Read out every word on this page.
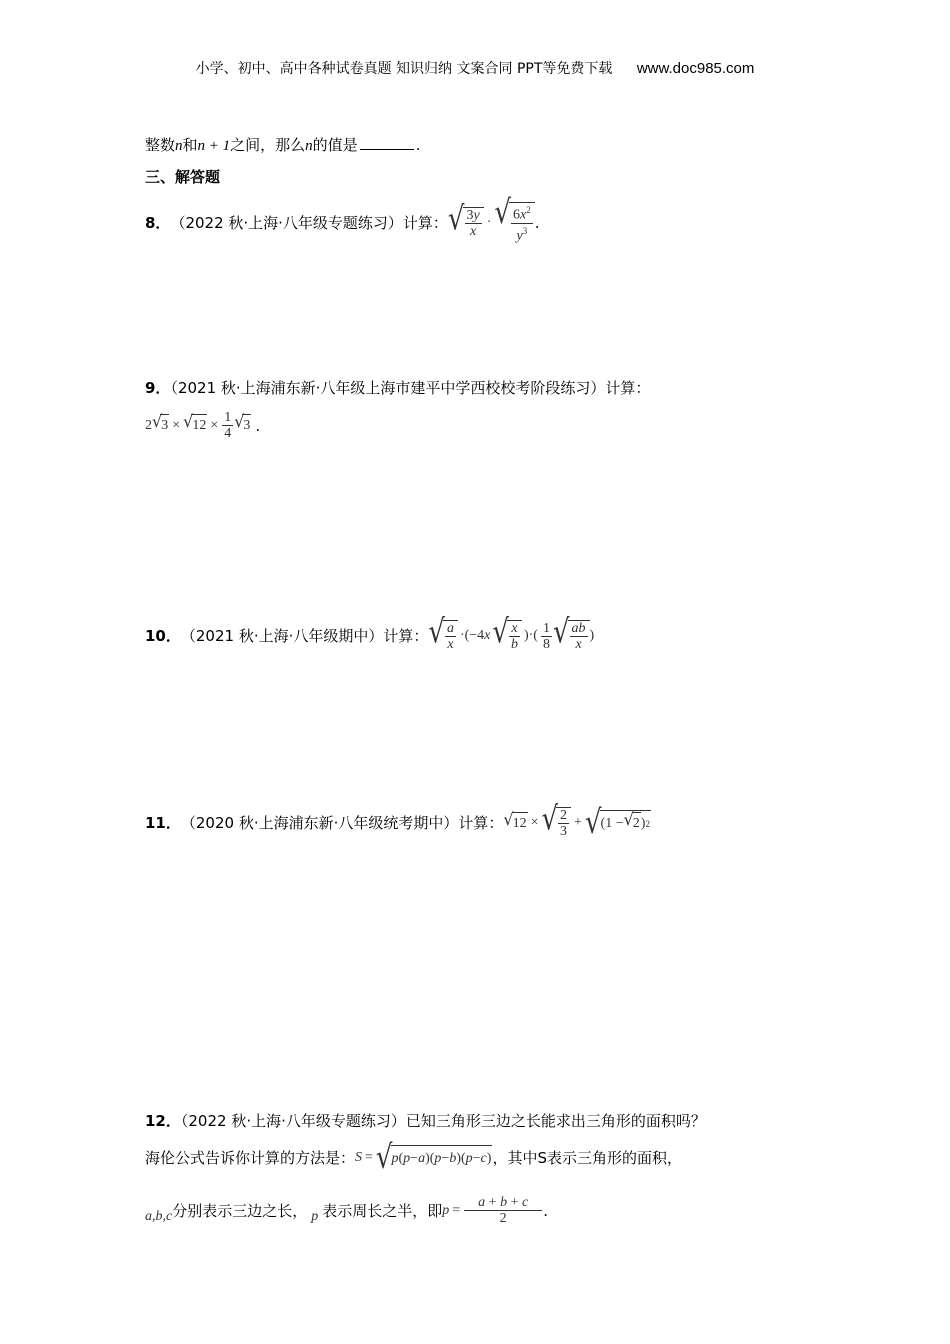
小学、初中、高中各种试卷真题 知识归纳 文案合同 PPT等免费下载 www.doc985.com
整数n和n + 1之间，那么n的值是	.
三、解答题
8． （2022 秋·上海·八年级专题练习）计算： √ $\frac{3y}{x}$ · √ $\frac{6x^2}{y^3}$ .
9．（2021 秋·上海浦东新·八年级上海市建平中学西校校考阶段练习）计算：
2 √ 3 × √ $12 \times \frac{1}{4}$ √ 3 .
10． （2021 秋·上海·八年级期中）计算： √ $\frac{a}{x} \cdot(-4x$ √ $\frac{x}{b}$ )·( $\frac{1}{8}$ √ $\frac{ab}{x}$ )
11． （2020 秋·上海浦东新·八年级统考期中）计算： √ 12 × √ $\frac{2}{3}$ + √ (1 − √ 2 ) 2
12．（2022 秋·上海·八年级专题练习）已知三角形三边之长能求出三角形的面积吗？
海伦公式告诉你计算的方法是： S = √ p ( p − a )( p − b )( p − c ) ，其中S表示三角形的面积，
a,b,c 分别表示三边之长， p 表示周长之半，即 $p = \frac{a + b + c}{2}$ .
